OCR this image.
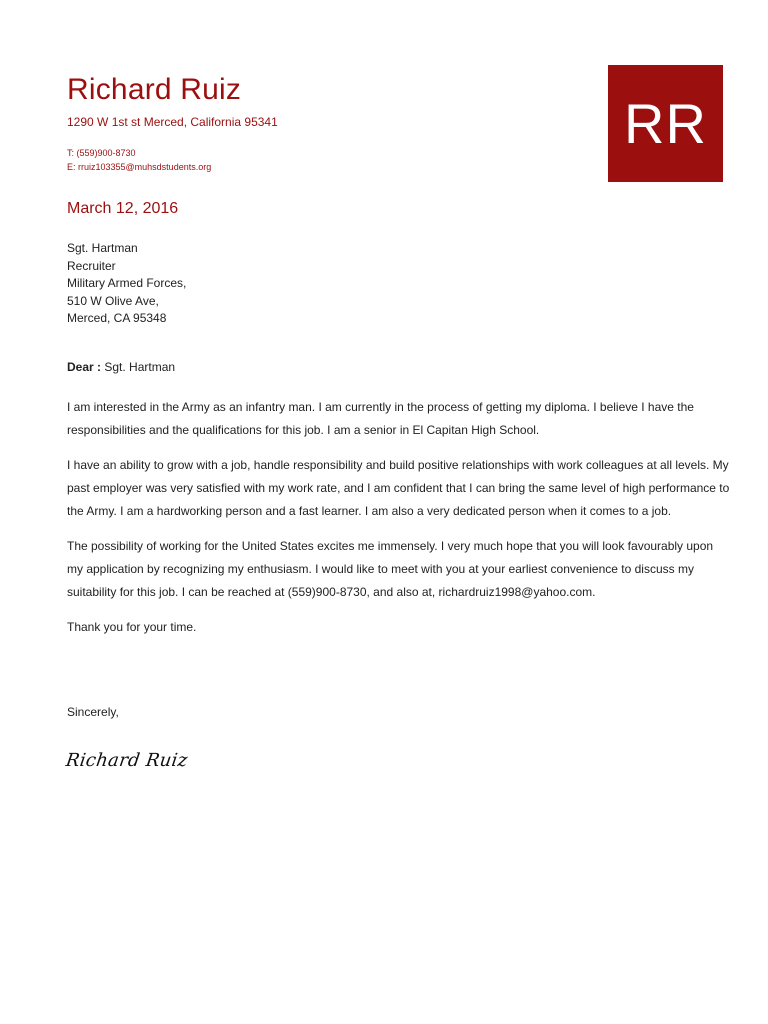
Richard Ruiz
1290 W 1st st Merced, California 95341
T: (559)900-8730
E: rruiz103355@muhsdstudents.org
RR
March 12, 2016
Sgt. Hartman
Recruiter
Military Armed Forces,
510 W Olive Ave,
Merced, CA 95348
Dear : Sgt. Hartman

I am interested in the Army as an infantry man. I am currently in the process of getting my diploma. I believe I have the responsibilities and the qualifications for this job. I am a senior in El Capitan High School.

I have an ability to grow with a job, handle responsibility and build positive relationships with work colleagues at all levels. My past employer was very satisfied with my work rate, and I am confident that I can bring the same level of high performance to the Army. I am a hardworking person and a fast learner. I am also a very dedicated person when it comes to a job.

The possibility of working for the United States excites me immensely. I very much hope that you will look favourably upon my application by recognizing my enthusiasm. I would like to meet with you at your earliest convenience to discuss my suitability for this job. I can be reached at (559)900-8730, and also at, richardruiz1998@yahoo.com.

Thank you for your time.

Sincerely,
Richard Ruiz
